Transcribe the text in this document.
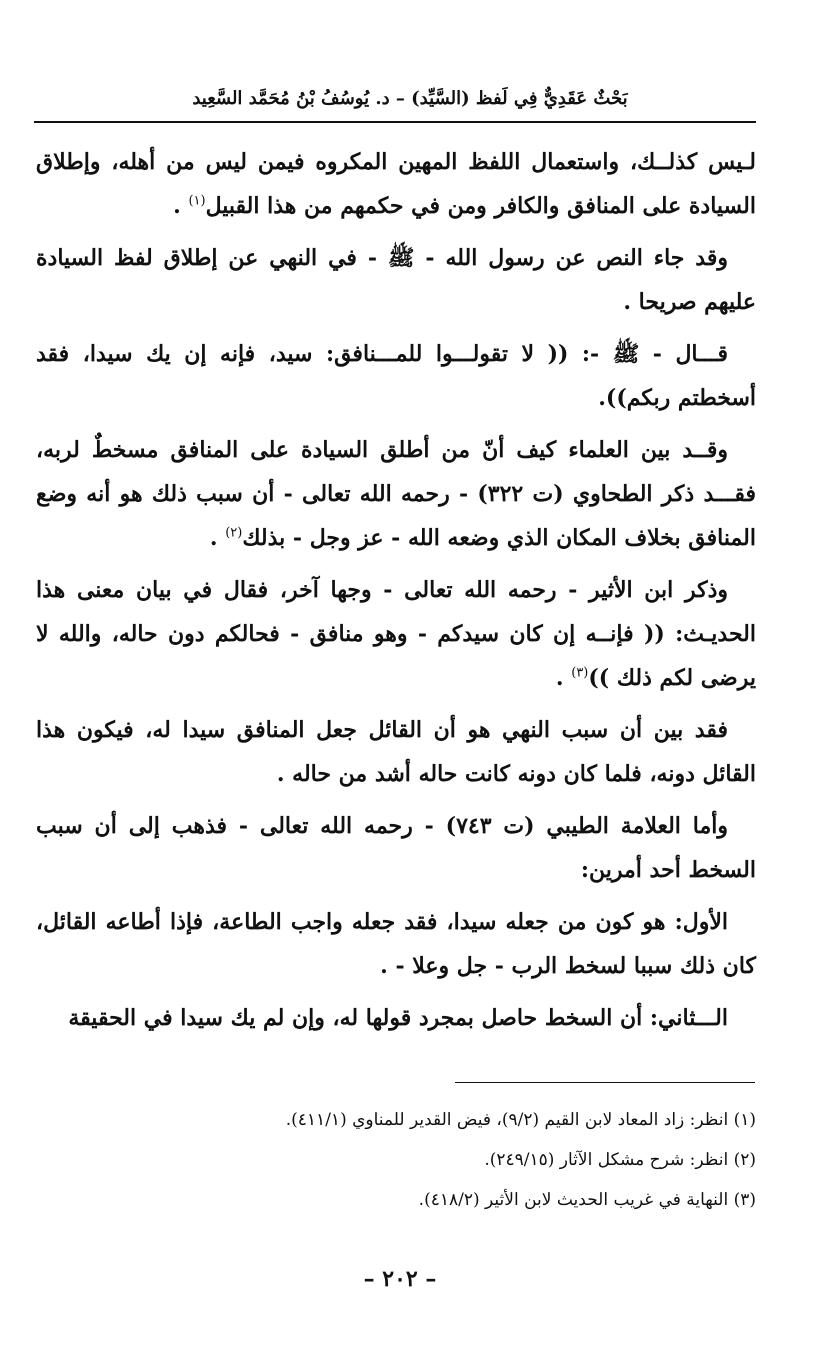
بَحْثٌ عَقَدِيٌّ فِي لَفظ (السَّيِّد) – د. يُوسُفُ بْنُ مُحَمَّد السَّعِيد

لـيس كذلــك، واستعمال اللفظ المهين المكروه فيمن ليس من أهله، وإطلاق السيادة على المنافق والكافر ومن في حكمهم من هذا القبيل$^{(١)}$ .

وقد جاء النص عن رسول الله - ﷺ - في النهي عن إطلاق لفظ السيادة عليهم صريحا .

قـــال - ﷺ -: (( لا تقولـــوا للمـــنافق: سيد، فإنه إن يك سيدا، فقد أسخطتم ربكم)).

وقــد بين العلماء كيف أنّ من أطلق السيادة على المنافق مسخطٌ لربه، فقـــد ذكر الطحاوي (ت ٣٢٢) - رحمه الله تعالى - أن سبب ذلك هو أنه وضع المنافق بخلاف المكان الذي وضعه الله - عز وجل - بذلك$^{(٢)}$ .

وذكر ابن الأثير - رحمه الله تعالى - وجها آخر، فقال في بيان معنى هذا الحديـث: (( فإنــه إن كان سيدكم - وهو منافق - فحالكم دون حاله، والله لا يرضى لكم ذلك ))$^{(٣)}$ .

فقد بين أن سبب النهي هو أن القائل جعل المنافق سيدا له، فيكون هذا القائل دونه، فلما كان دونه كانت حاله أشد من حاله .

وأما العلامة الطيبي (ت ٧٤٣) - رحمه الله تعالى - فذهب إلى أن سبب السخط أحد أمرين:

الأول: هو كون من جعله سيدا، فقد جعله واجب الطاعة، فإذا أطاعه القائل، كان ذلك سببا لسخط الرب - جل وعلا - .

الـــثاني: أن السخط حاصل بمجرد قولها له، وإن لم يك سيدا في الحقيقة

(١) انظر: زاد المعاد لابن القيم (٩/٢)، فيض القدير للمناوي (٤١١/١).

(٢) انظر: شرح مشكل الآثار (٢٤٩/١٥).

(٣) النهاية في غريب الحديث لابن الأثير (٤١٨/٢).

– ٢٠٢ –
